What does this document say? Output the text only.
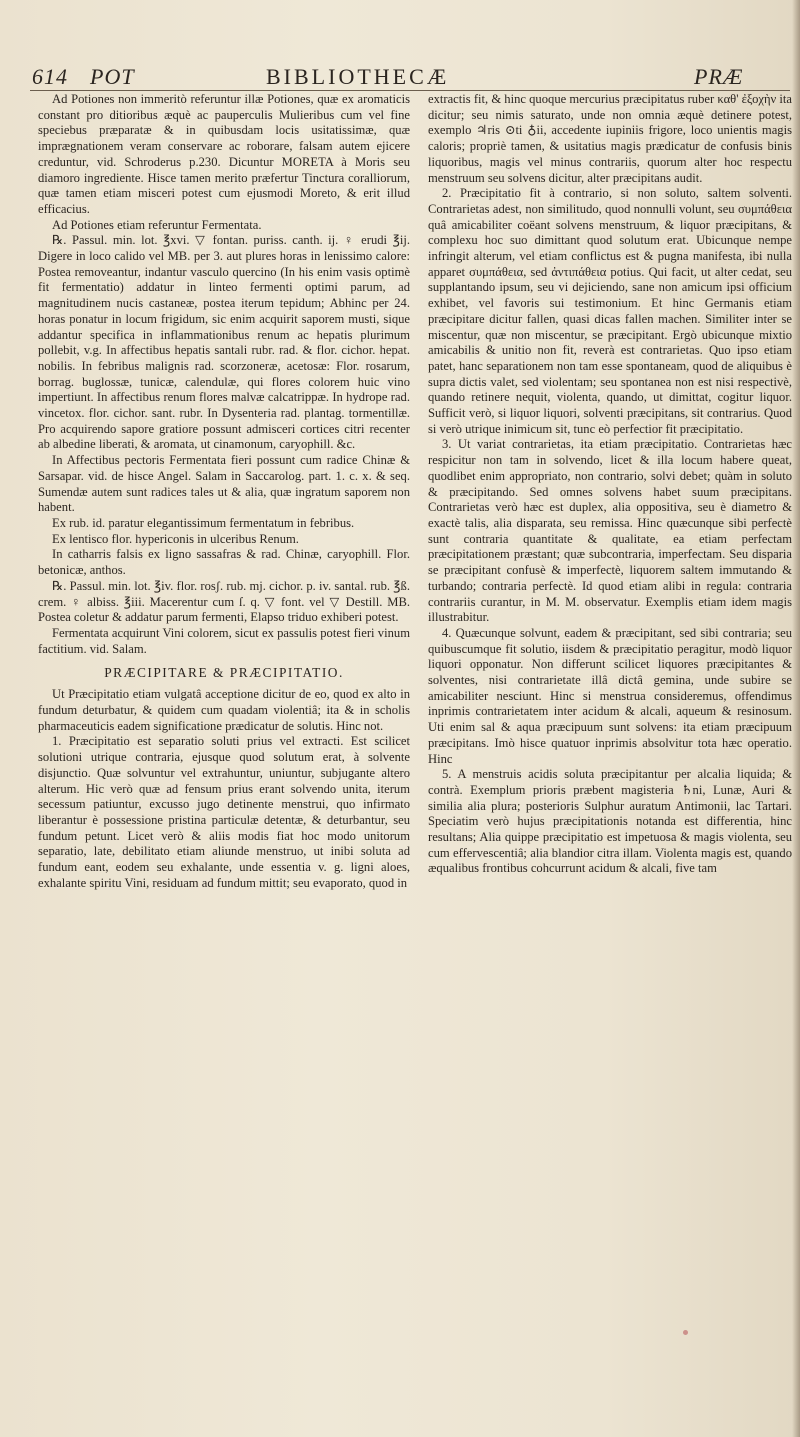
614 POT	BIBLIOTHECÆ	PRÆ

Ad Potiones non immeritò referuntur illæ Potiones, quæ ex aromaticis constant pro ditioribus æquè ac pauperculis Mulieribus cum vel fine speciebus præparatæ & in quibusdam locis usitatissimæ, quæ imprægnationem veram conservare ac roborare, falsam autem ejicere creduntur, vid. Schroderus p.230. Dicuntur MORETA à Moris seu diamoro ingrediente. Hisce tamen merito præfertur Tinctura coralliorum, quæ tamen etiam misceri potest cum ejusmodi Moreto, & erit illud efficacius.

Ad Potiones etiam referuntur Fermentata.

℞. Passul. min. lot. ℥xvi. ▽ fontan. puriss. canth. ij. ♀ erudi ℥ij. Digere in loco calido vel MB. per 3. aut plures horas in lenissimo calore: Postea removeantur, indantur vasculo quercino (In his enim vasis optimè fit fermentatio) addatur in linteo fermenti optimi parum, ad magnitudinem nucis castaneæ, postea iterum tepidum; Abhinc per 24. horas ponatur in locum frigidum, sic enim acquirit saporem musti, sique addantur specifica in inflammationibus renum ac hepatis plurimum pollebit, v.g. In affectibus hepatis santali rubr. rad. & flor. cichor. hepat. nobilis. In febribus malignis rad. scorzoneræ, acetosæ: Flor. rosarum, borrag. buglossæ, tunicæ, calendulæ, qui flores colorem huic vino impertiunt. In affectibus renum flores malvæ calcatrippæ. In hydrope rad. vincetox. flor. cichor. sant. rubr. In Dysenteria rad. plantag. tormentillæ. Pro acquirendo sapore gratiore possunt admisceri cortices citri recenter ab albedine liberati, & aromata, ut cinamonum, caryophill. &c.

In Affectibus pectoris Fermentata fieri possunt cum radice Chinæ & Sarsapar. vid. de hisce Angel. Salam in Saccarolog. part. 1. c. x. & seq. Sumendæ autem sunt radices tales ut & alia, quæ ingratum saporem non habent.

Ex rub. id. paratur elegantissimum fermentatum in febribus.

Ex lentisco flor. hypericonis in ulceribus Renum.

In catharris falsis ex ligno sassafras & rad. Chinæ, caryophill. Flor. betonicæ, anthos.

℞. Passul. min. lot. ℥iv. flor. rosʃ. rub. mj. cichor. p. iv. santal. rub. ℥ß. crem. ♀ albiss. ℥iii. Macerentur cum ſ. q. ▽ font. vel ▽ Destill. MB. Postea coletur & addatur parum fermenti, Elapso triduo exhiberi potest.

Fermentata acquirunt Vini colorem, sicut ex passulis potest fieri vinum factitium. vid. Salam.

PRÆCIPITARE & PRÆCIPITATIO.

Ut Præcipitatio etiam vulgatâ acceptione dicitur de eo, quod ex alto in fundum deturbatur, & quidem cum quadam violentiâ; ita & in scholis pharmaceuticis eadem significatione prædicatur de solutis. Hinc not.

1. Præcipitatio est separatio soluti prius vel extracti. Est scilicet solutioni utrique contraria, ejusque quod solutum erat, à solvente disjunctio. Quæ solvuntur vel extrahuntur, uniuntur, subjugante altero alterum. Hic verò quæ ad fensum prius erant solvendo unita, iterum secessum patiuntur, excusso jugo detinente menstrui, quo infirmato liberantur è possessione pristina particulæ detentæ, & deturbantur, seu fundum petunt. Licet verò & aliis modis fiat hoc modo unitorum separatio, late, debilitato etiam aliunde menstruo, ut inibi soluta ad fundum eant, eodem seu exhalante, unde essentia v. g. ligni aloes, exhalante spiritu Vini, residuam ad fundum mittit; seu evaporato, quod in

extractis fit, & hinc quoque mercurius præcipitatus ruber καθ' ἐξοχὴν ita dicitur; seu nimis saturato, unde non omnia æquè detinere potest, exemplo ♃ris ⊙ti ♁ii, accedente iupiniis frigore, loco unientis magis caloris; propriè tamen, & usitatius magis prædicatur de confusis binis liquoribus, magis vel minus contrariis, quorum alter hoc respectu menstruum seu solvens dicitur, alter præcipitans audit.

2. Præcipitatio fit à contrario, si non soluto, saltem solventi. Contrarietas adest, non similitudo, quod nonnulli volunt, seu συμπάθεια quâ amicabiliter coëant solvens menstruum, & liquor præcipitans, & complexu hoc suo dimittant quod solutum erat. Ubicunque nempe infringit alterum, vel etiam conflictus est & pugna manifesta, ibi nulla apparet συμπάθεια, sed ἀντιπάθεια potius. Qui facit, ut alter cedat, seu supplantando ipsum, seu vi dejiciendo, sane non amicum ipsi officium exhibet, vel favoris sui testimonium. Et hinc Germanis etiam præcipitare dicitur fallen, quasi dicas fallen machen. Similiter inter se miscentur, quæ non miscentur, se præcipitant. Ergò ubicunque mixtio amicabilis & unitio non fit, reverà est contrarietas. Quo ipso etiam patet, hanc separationem non tam esse spontaneam, quod de aliquibus è supra dictis valet, sed violentam; seu spontanea non est nisi respectivè, quando retinere nequit, violenta, quando, ut dimittat, cogitur liquor. Sufficit verò, si liquor liquori, solventi præcipitans, sit contrarius. Quod si verò utrique inimicum sit, tunc eò perfectior fit præcipitatio.

3. Ut variat contrarietas, ita etiam præcipitatio. Contrarietas hæc respicitur non tam in solvendo, licet & illa locum habere queat, quodlibet enim appropriato, non contrario, solvi debet; quàm in soluto & præcipitando. Sed omnes solvens habet suum præcipitans. Contrarietas verò hæc est duplex, alia oppositiva, seu è diametro & exactè talis, alia disparata, seu remissa. Hinc quæcunque sibi perfectè sunt contraria quantitate & qualitate, ea etiam perfectam præcipitationem præstant; quæ subcontraria, imperfectam. Seu disparia se præcipitant confusè & imperfectè, liquorem saltem immutando & turbando; contraria perfectè. Id quod etiam alibi in regula: contraria contrariis curantur, in M. M. observatur. Exemplis etiam idem magis illustrabitur.

4. Quæcunque solvunt, eadem & præcipitant, sed sibi contraria; seu quibuscumque fit solutio, iisdem & præcipitatio peragitur, modò liquor liquori opponatur. Non differunt scilicet liquores præcipitantes & solventes, nisi contrarietate illâ dictâ gemina, unde subire se amicabiliter nesciunt. Hinc si menstrua consideremus, offendimus inprimis contrarietatem inter acidum & alcali, aqueum & resinosum. Uti enim sal & aqua præcipuum sunt solvens: ita etiam præcipuum præcipitans. Imò hisce quatuor inprimis absolvitur tota hæc operatio. Hinc

5. A menstruis acidis soluta præcipitantur per alcalia liquida; & contrà. Exemplum prioris præbent magisteria ♄ni, Lunæ, Auri & similia alia plura; posterioris Sulphur auratum Antimonii, lac Tartari. Speciatim verò hujus præcipitationis notanda est differentia, hinc resultans; Alia quippe præcipitatio est impetuosa & magis violenta, seu cum effervescentiâ; alia blandior citra illam. Violenta magis est, quando æqualibus frontibus cohcurrunt acidum & alcali, five tam
